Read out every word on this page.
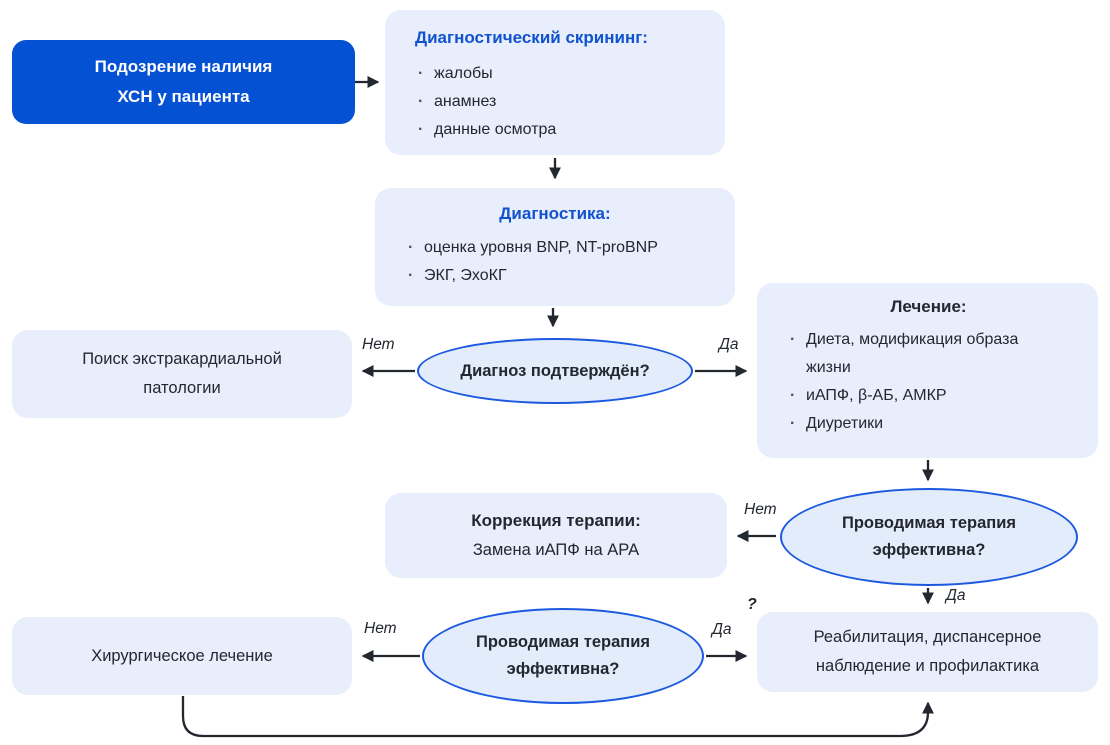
Подозрение наличия
ХСН у пациента
Диагностический скрининг:
· жалобы
· анамнез
· данные осмотра
Диагностика:
· оценка уровня BNP, NT-proBNP
· ЭКГ, ЭхоКГ
Поиск экстракардиальной
патологии
Диагноз подтверждён?
Лечение:
· Диета, модификация образа жизни
· иАПФ, β-АБ, АМКР
· Диуретики
Коррекция терапии:
Замена иАПФ на АРА
Проводимая терапия
эффективна?
Хирургическое лечение
Проводимая терапия
эффективна?
Реабилитация, диспансерное
наблюдение и профилактика
Нет	Да
Нет
Да
Нет	Да
?
